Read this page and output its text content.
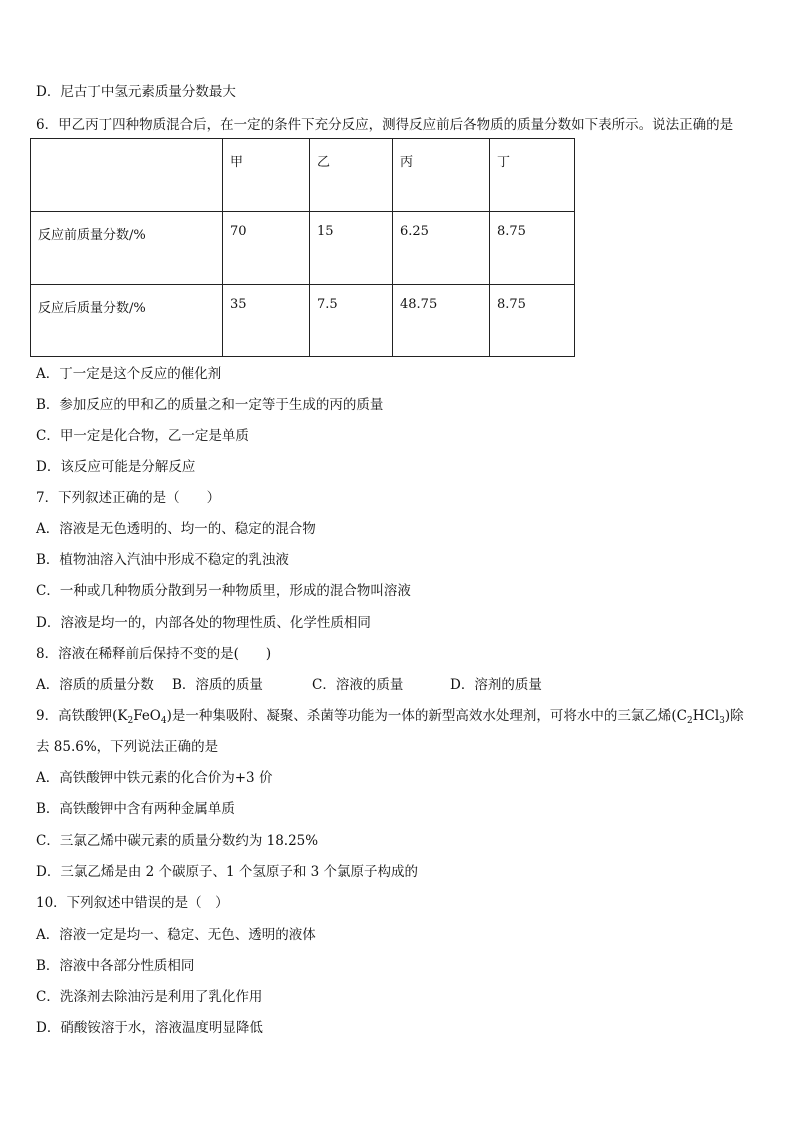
D．尼古丁中氢元素质量分数最大
6．甲乙丙丁四种物质混合后，在一定的条件下充分反应，测得反应前后各物质的质量分数如下表所示。说法正确的是
	甲	乙	丙	丁
反应前质量分数/%	70	15	6.25	8.75
反应后质量分数/%	35	7.5	48.75	8.75
A．丁一定是这个反应的催化剂
B．参加反应的甲和乙的质量之和一定等于生成的丙的质量
C．甲一定是化合物，乙一定是单质
D．该反应可能是分解反应
7．下列叙述正确的是（　　）
A．溶液是无色透明的、均一的、稳定的混合物
B．植物油溶入汽油中形成不稳定的乳浊液
C．一种或几种物质分散到另一种物质里，形成的混合物叫溶液
D．溶液是均一的，内部各处的物理性质、化学性质相同
8．溶液在稀释前后保持不变的是(　　)
A．溶质的质量分数 B．溶质的质量	C．溶液的质量	D．溶剂的质量
9．高铁酸钾$(K_2FeO_4)$是一种集吸附、凝聚、杀菌等功能为一体的新型高效水处理剂，可将水中的三氯乙烯$(C_2HCl_3)$除
去 85.6%，下列说法正确的是
A．高铁酸钾中铁元素的化合价为+3 价
B．高铁酸钾中含有两种金属单质
C．三氯乙烯中碳元素的质量分数约为 18.25%
D．三氯乙烯是由 2 个碳原子、1 个氢原子和 3 个氯原子构成的
10．下列叙述中错误的是（　）
A．溶液一定是均一、稳定、无色、透明的液体
B．溶液中各部分性质相同
C．洗涤剂去除油污是利用了乳化作用
D．硝酸铵溶于水，溶液温度明显降低
